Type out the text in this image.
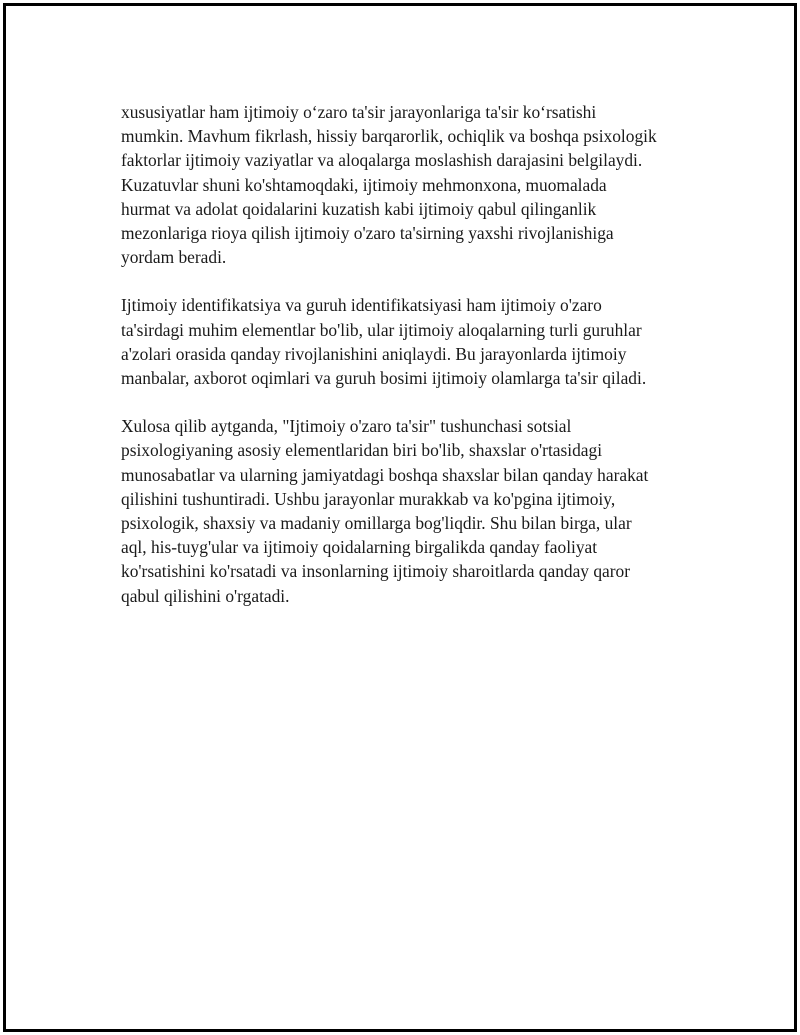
xususiyatlar ham ijtimoiy o‘zaro ta'sir jarayonlariga ta'sir ko‘rsatishi
mumkin. Mavhum fikrlash, hissiy barqarorlik, ochiqlik va boshqa psixologik
faktorlar ijtimoiy vaziyatlar va aloqalarga moslashish darajasini belgilaydi.
Kuzatuvlar shuni ko'shtamoqdaki, ijtimoiy mehmonxona, muomalada
hurmat va adolat qoidalarini kuzatish kabi ijtimoiy qabul qilinganlik
mezonlariga rioya qilish ijtimoiy o'zaro ta'sirning yaxshi rivojlanishiga
yordam beradi.

Ijtimoiy identifikatsiya va guruh identifikatsiyasi ham ijtimoiy o'zaro
ta'sirdagi muhim elementlar bo'lib, ular ijtimoiy aloqalarning turli guruhlar
a'zolari orasida qanday rivojlanishini aniqlaydi. Bu jarayonlarda ijtimoiy
manbalar, axborot oqimlari va guruh bosimi ijtimoiy olamlarga ta'sir qiladi.

Xulosa qilib aytganda, "Ijtimoiy o'zaro ta'sir" tushunchasi sotsial
psixologiyaning asosiy elementlaridan biri bo'lib, shaxslar o'rtasidagi
munosabatlar va ularning jamiyatdagi boshqa shaxslar bilan qanday harakat
qilishini tushuntiradi. Ushbu jarayonlar murakkab va ko'pgina ijtimoiy,
psixologik, shaxsiy va madaniy omillarga bog'liqdir. Shu bilan birga, ular
aql, his-tuyg'ular va ijtimoiy qoidalarning birgalikda qanday faoliyat
ko'rsatishini ko'rsatadi va insonlarning ijtimoiy sharoitlarda qanday qaror
qabul qilishini o'rgatadi.
